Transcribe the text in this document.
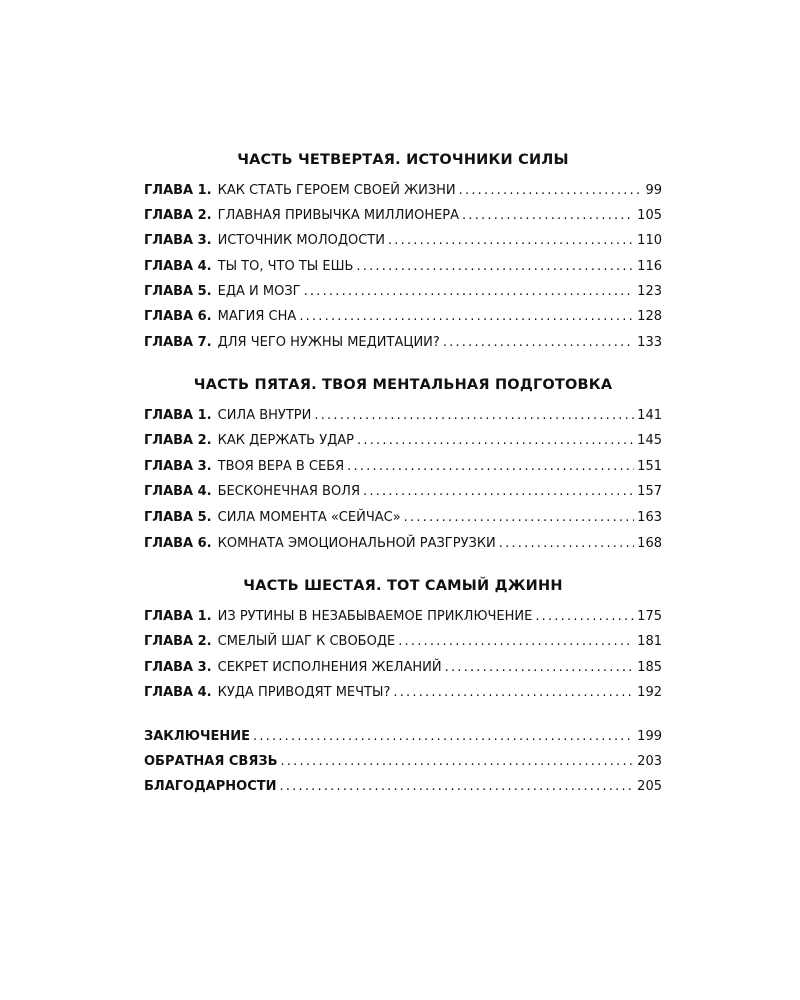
ЧАСТЬ ЧЕТВЕРТАЯ. ИСТОЧНИКИ СИЛЫ
ГЛАВА 1. КАК СТАТЬ ГЕРОЕМ СВОЕЙ ЖИЗНИ .....	99
ГЛАВА 2. ГЛАВНАЯ ПРИВЫЧКА МИЛЛИОНЕРА .....	105
ГЛАВА 3. ИСТОЧНИК МОЛОДОСТИ .....	110
ГЛАВА 4. ТЫ ТО, ЧТО ТЫ ЕШЬ .....	116
ГЛАВА 5. ЕДА И МОЗГ .....	123
ГЛАВА 6. МАГИЯ СНА .....	128
ГЛАВА 7. ДЛЯ ЧЕГО НУЖНЫ МЕДИТАЦИИ? .....	133
ЧАСТЬ ПЯТАЯ. ТВОЯ МЕНТАЛЬНАЯ ПОДГОТОВКА
ГЛАВА 1. СИЛА ВНУТРИ .....	141
ГЛАВА 2. КАК ДЕРЖАТЬ УДАР .....	145
ГЛАВА 3. ТВОЯ ВЕРА В СЕБЯ .....	151
ГЛАВА 4. БЕСКОНЕЧНАЯ ВОЛЯ .....	157
ГЛАВА 5. СИЛА МОМЕНТА «СЕЙЧАС» .....	163
ГЛАВА 6. КОМНАТА ЭМОЦИОНАЛЬНОЙ РАЗГРУЗКИ .....	168
ЧАСТЬ ШЕСТАЯ. ТОТ САМЫЙ ДЖИНН
ГЛАВА 1. ИЗ РУТИНЫ В НЕЗАБЫВАЕМОЕ ПРИКЛЮЧЕНИЕ .....	175
ГЛАВА 2. СМЕЛЫЙ ШАГ К СВОБОДЕ .....	181
ГЛАВА 3. СЕКРЕТ ИСПОЛНЕНИЯ ЖЕЛАНИЙ .....	185
ГЛАВА 4. КУДА ПРИВОДЯТ МЕЧТЫ? .....	192
ЗАКЛЮЧЕНИЕ .....	199
ОБРАТНАЯ СВЯЗЬ .....	203
БЛАГОДАРНОСТИ .....	205
